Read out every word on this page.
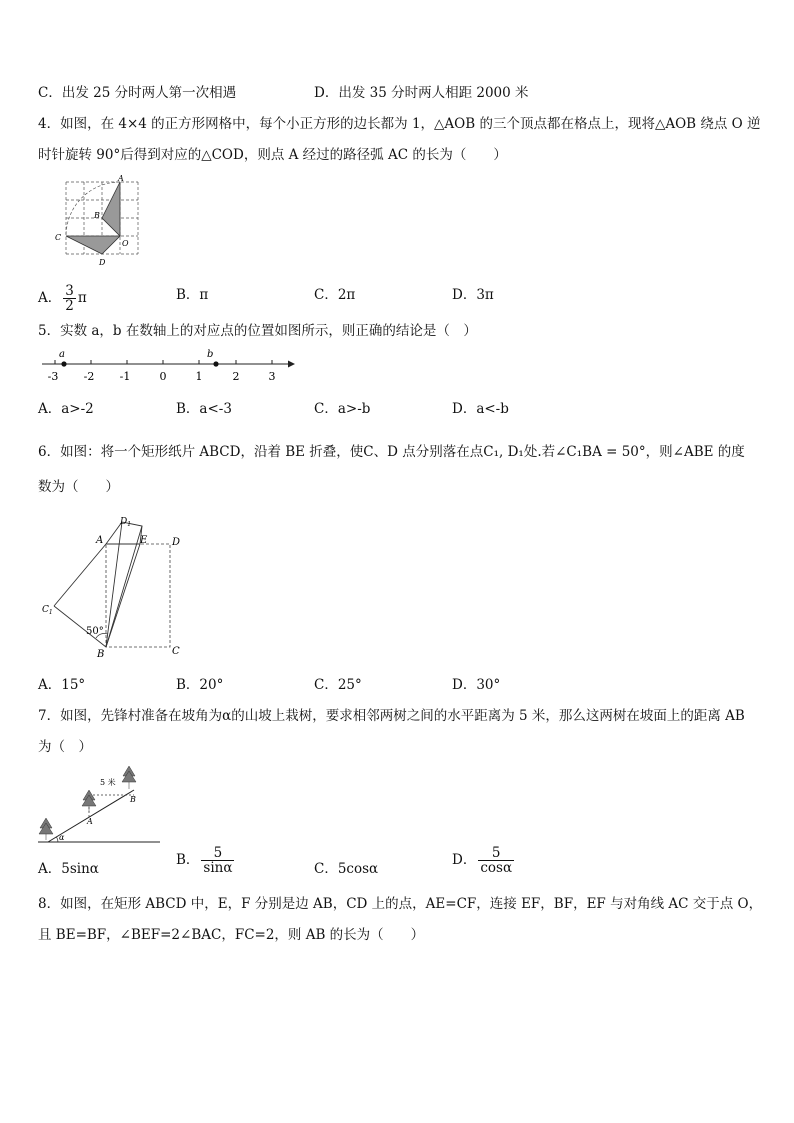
C．出发 25 分时两人第一次相遇	D．出发 35 分时两人相距 2000 米
4．如图，在 4×4 的正方形网格中，每个小正方形的边长都为 1，△AOB 的三个顶点都在格点上，现将△AOB 绕点 O 逆
时针旋转 90°后得到对应的△COD，则点 A 经过的路径弧 AC 的长为（　　）
A
B
C
D
O
A． $\frac{3}{2}$ π	B．π	C．2π	D．3π
5．实数 a，b 在数轴上的对应点的位置如图所示，则正确的结论是（　）
a	b
-3 -2 -1	0	1	2	3
A．a>-2	B．a<-3	C．a>-b	D．a<-b
6．如图：将一个矩形纸片 ABCD，沿着 BE 折叠，使C、D 点分别落在点C₁, D₁处.若∠C₁BA = 50°，则∠ABE 的度
数为（　　）
50°
A	E D
C
B
$C_1$
$D_1$
A．15°	B．20°	C．25°	D．30°
7．如图，先锋村准备在坡角为α的山坡上栽树，要求相邻两树之间的水平距离为 5 米，那么这两树在坡面上的距离 AB
为（　）
5 米
A
B
α
A．5sinα
B． $\frac{5}{\sin\alpha}$	C．5cosα
D． $\frac{5}{\cos\alpha}$
8．如图，在矩形 ABCD 中，E，F 分别是边 AB，CD 上的点，AE=CF，连接 EF，BF，EF 与对角线 AC 交于点 O，
且 BE=BF，∠BEF=2∠BAC，FC=2，则 AB 的长为（　　）
